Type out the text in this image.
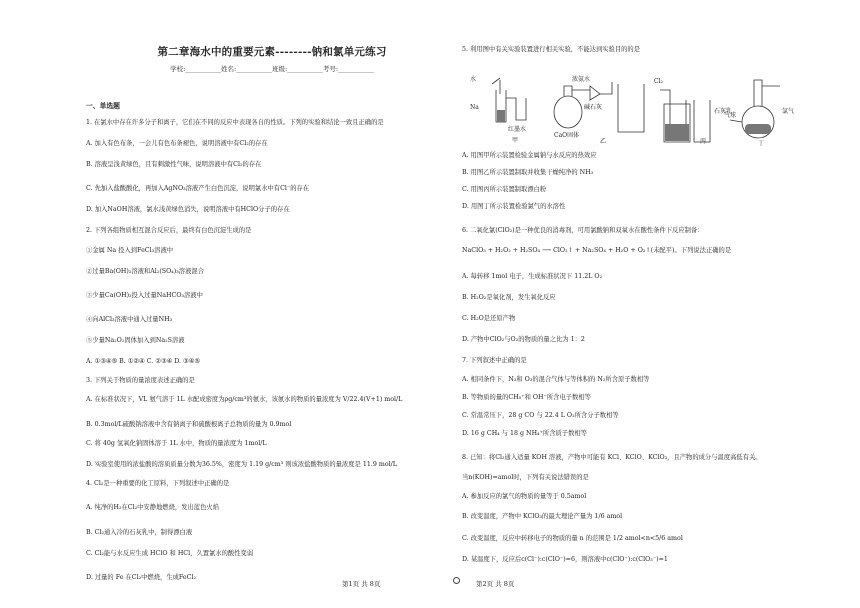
第二章海水中的重要元素--------钠和氯单元练习
学校:___________姓名:___________班级:___________考号:___________
一、单选题
1. 在氯水中存在许多分子和离子，它们在不同的反应中表现各自的性质。下列的实验和结论一致且正确的是
A. 加入有色布条，一会儿有色布条褪色，说明溶液中有Cl₂的存在
B. 溶液呈浅黄绿色，且有刺激性气味，说明溶液中有Cl₂的存在
C. 先加入盐酸酸化，再加入AgNO₃溶液产生白色沉淀，说明氯水中有Cl⁻的存在
D. 加入NaOH溶液，氯水浅黄绿色消失，说明溶液中有HClO分子的存在
2. 下列各组物质相互混合反应后，最终有白色沉淀生成的是
①金属 Na 投入到FeCl₃溶液中
②过量Ba(OH)₂溶液和Al₂(SO₄)₃溶液混合
③少量Ca(OH)₂投入过量NaHCO₃溶液中
④向AlCl₃溶液中通入过量NH₃
⑤少量Na₂O₂固体加入到Na₂S溶液
A. ①③④⑤ B. ①②④ C. ②③④ D. ③④⑤
3. 下列关于物质的量浓度表述正确的是
A. 在标准状况下，VL 氨气溶于 1L 水配成密度为ρg/cm³的氨水，该氨水的物质的量浓度为 V/22.4(V+1) mol/L
B. 0.3mol/L硫酸钠溶液中含有钠离子和硫酸根离子总物质的量为 0.9mol
C. 将 40g 氢氧化钠固体溶于 1L 水中，物质的量浓度为 1mol/L
D. 实验室使用的浓盐酸的溶质质量分数为36.5%，密度为 1.19 g/cm³ 则该浓盐酸物质的量浓度是 11.9 mol/L
4. Cl₂是一种重要的化工原料，下列叙述中正确的是
A. 纯净的H₂在Cl₂中安静地燃烧，发出蓝色火焰
B. Cl₂通入冷的石灰乳中，制得漂白液
C. Cl₂能与水反应生成 HClO 和 HCl，久置氯水的酸性变弱
D. 过量的 Fe 在Cl₂中燃烧，生成FeCl₂
5. 利用图中有关实验装置进行相关实验，不能达到实验目的的是
A. 用图甲所示装置检验金属钠与水反应的热效应
B. 用图乙所示装置制取并收集干燥纯净的 NH₃
C. 用图丙所示装置制取漂白粉
D. 用图丁所示装置检验氯气的水溶性
6. 二氧化氯(ClO₂)是一种优良的消毒剂，可用氯酸钠和双氧水在酸性条件下反应制备：
NaClO₃ + H₂O₂ + H₂SO₄ ⟶ ClO₂↑ + Na₂SO₄ + H₂O + O₂↑(未配平)。下列说法正确的是
A. 每转移 1mol 电子，生成标准状况下 11.2L O₂
B. H₂O₂是氧化剂，发生氧化反应
C. H₂O是还原产物
D. 产物中ClO₂与O₂的物质的量之比为 1：2
7. 下列叙述中正确的是
A. 相同条件下，N₂和 O₃的混合气体与等体积的 N₂所含原子数相等
B. 等物质的量的CH₅⁺和 OH⁻所含电子数相等
C. 常温常压下，28 g CO 与 22.4 L O₂所含分子数相等
D. 16 g CH₄ 与 18 g NH₄⁺所含质子数相等
8. 已知：将Cl₂通入适量 KOH 溶液，产物中可能有 KCl、KClO、KClO₃，且产物的成分与温度高低有关。
当n(KOH)=amol时，下列有关说法错误的是
A. 参加反应的氯气的物质的量等于 0.5amol
B. 改变温度，产物中 KClO₃的最大理论产量为 1/6 amol
C. 改变温度，反应中转移电子的物质的量 n 的范围是 1/2 amol<n<5/6 amol
D. 某温度下，反应后c(Cl⁻):c(ClO⁻)=6，则溶液中c(ClO⁻):c(ClO₃⁻)=1
水
Na
红墨水
甲
浓氨水
碱石灰
CaO固体
乙
Cl₂
石灰乳
丙
气球
氯气
丁
第1页 共 8页	第2页 共 8页
